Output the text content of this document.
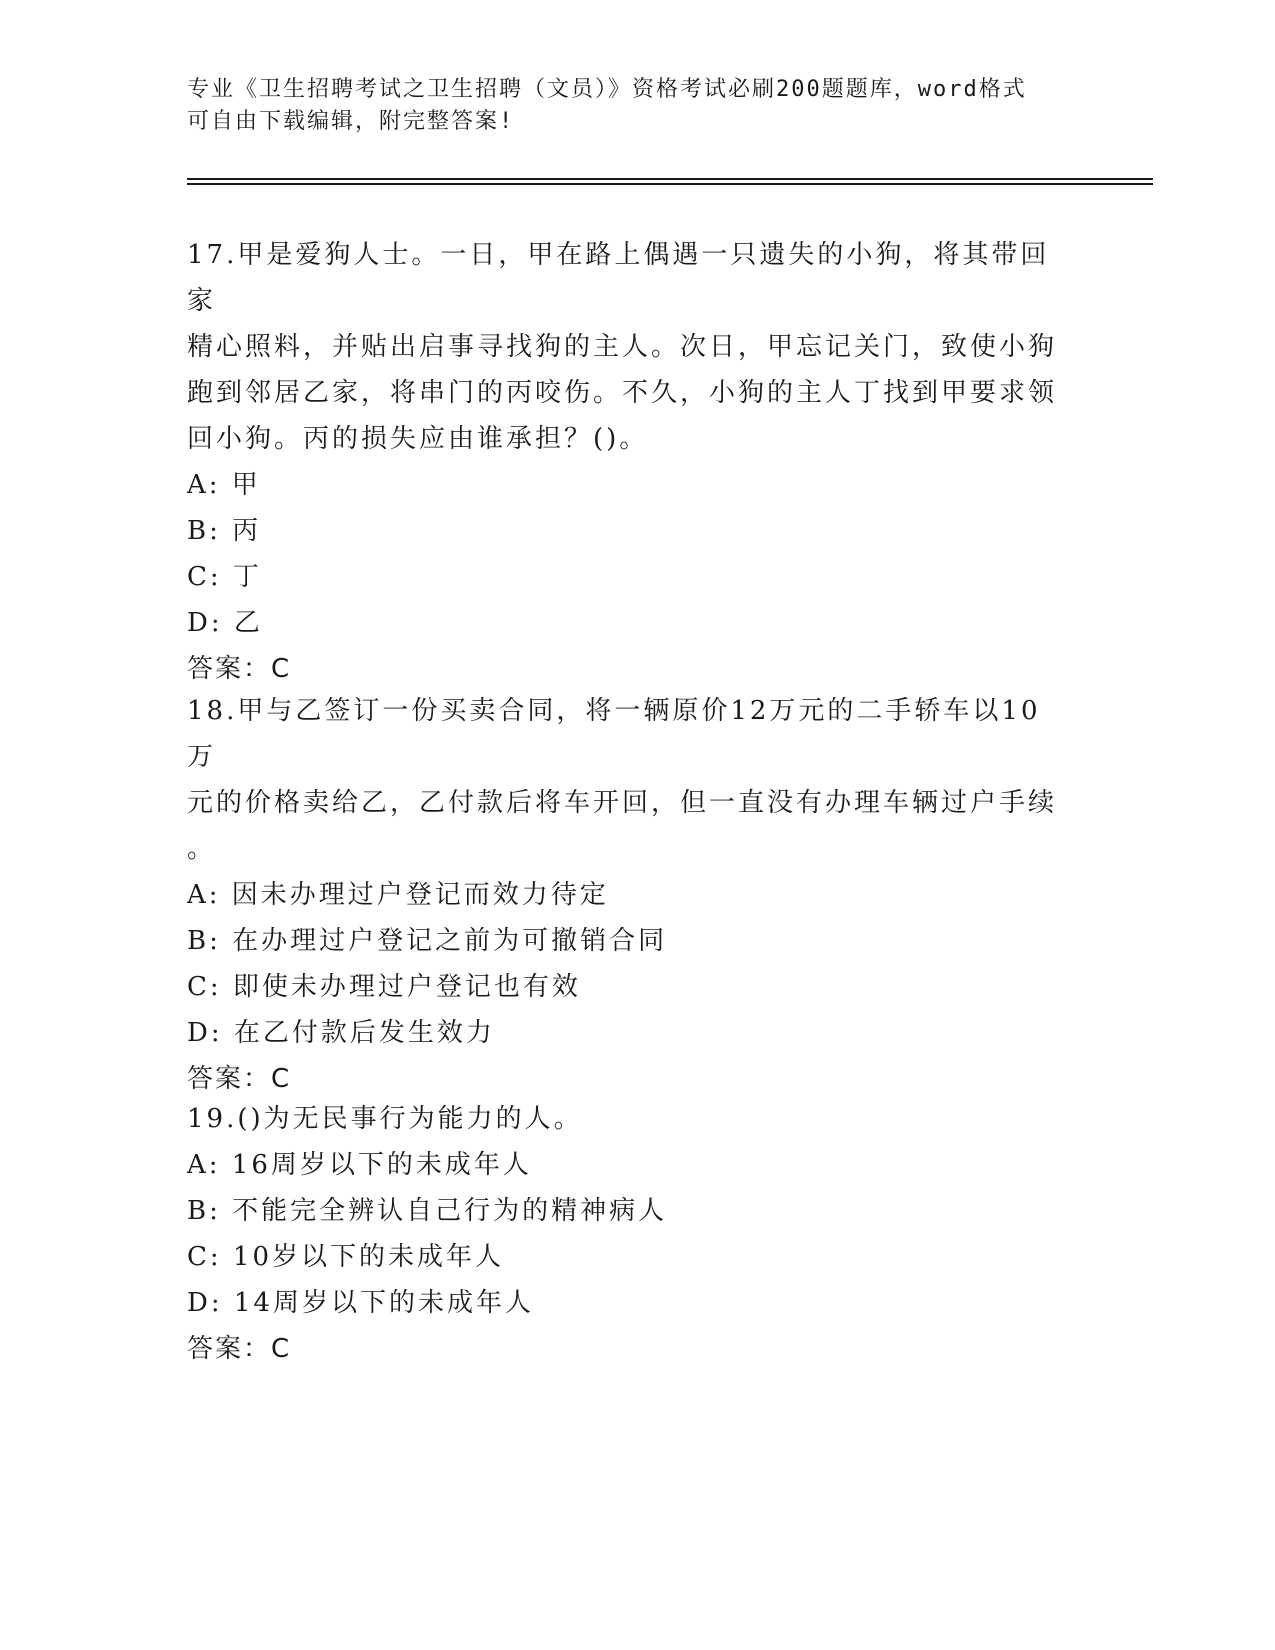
专业《卫生招聘考试之卫生招聘（文员）》资格考试必刷200题题库，word格式

可自由下载编辑，附完整答案!

17.甲是爱狗人士。一日，甲在路上偶遇一只遗失的小狗，将其带回家

精心照料，并贴出启事寻找狗的主人。次日，甲忘记关门，致使小狗

跑到邻居乙家，将串门的丙咬伤。不久，小狗的主人丁找到甲要求领

回小狗。丙的损失应由谁承担？()。

A: 甲

B: 丙

C: 丁

D: 乙

答案：C

18.甲与乙签订一份买卖合同，将一辆原价12万元的二手轿车以10万

元的价格卖给乙，乙付款后将车开回，但一直没有办理车辆过户手续

。

A: 因未办理过户登记而效力待定

B: 在办理过户登记之前为可撤销合同

C: 即使未办理过户登记也有效

D: 在乙付款后发生效力

答案：C

19.()为无民事行为能力的人。

A: 16周岁以下的未成年人

B: 不能完全辨认自己行为的精神病人

C: 10岁以下的未成年人

D: 14周岁以下的未成年人

答案：C
